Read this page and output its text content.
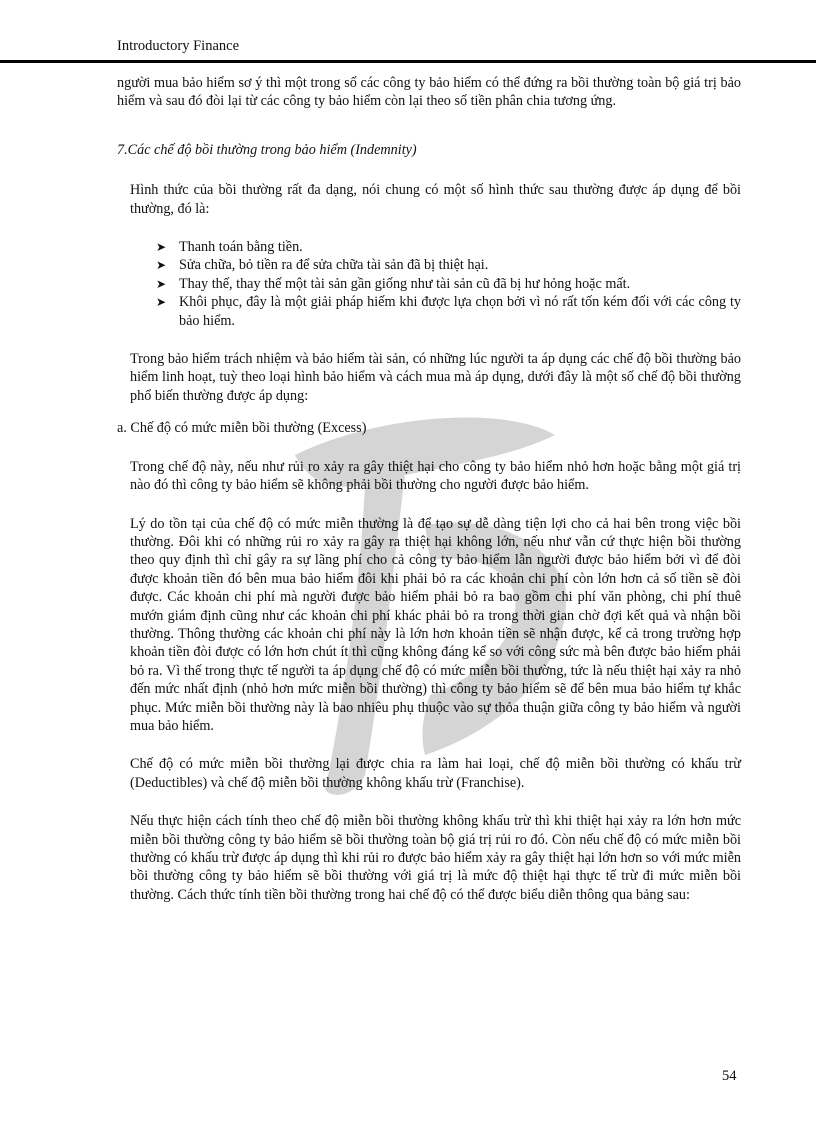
Introductory Finance

người mua bảo hiểm sơ ý thì một trong số các công ty bảo hiểm có thể đứng ra bồi thường toàn bộ giá trị bảo hiểm và sau đó đòi lại từ các công ty bảo hiểm còn lại theo số tiền phân chia tương ứng.

7.Các chế độ bồi thường trong bảo hiểm (Indemnity)

Hình thức của bồi thường rất đa dạng, nói chung có một số hình thức sau thường được áp dụng để bồi thường, đó là:

➤ Thanh toán bằng tiền.
➤ Sửa chữa, bỏ tiền ra để sửa chữa tài sản đã bị thiệt hại.
➤ Thay thế, thay thế một tài sản gần giống như tài sản cũ đã bị hư hỏng hoặc mất.
➤ Khôi phục, đây là một giải pháp hiếm khi được lựa chọn bởi vì nó rất tốn kém đối với các công ty bảo hiểm.

Trong bảo hiểm trách nhiệm và bảo hiểm tài sản, có những lúc người ta áp dụng các chế độ bồi thường bảo hiểm linh hoạt, tuỳ theo loại hình bảo hiểm và cách mua mà áp dụng, dưới đây là một số chế độ bồi thường phổ biến thường được áp dụng:

a. Chế độ có mức miễn bồi thường (Excess)

Trong chế độ này, nếu như rủi ro xảy ra gây thiệt hại cho công ty bảo hiểm nhỏ hơn hoặc bằng một giá trị nào đó thì công ty bảo hiểm sẽ không phải bồi thường cho người được bảo hiểm.

Lý do tồn tại của chế độ có mức miễn thường là để tạo sự dễ dàng tiện lợi cho cả hai bên trong việc bồi thường. Đôi khi có những rủi ro xảy ra gây ra thiệt hại không lớn, nếu như vẫn cứ thực hiện bồi thường theo quy định thì chỉ gây ra sự lãng phí cho cả công ty bảo hiểm lẫn người được bảo hiểm bởi vì để đòi được khoản tiền đó bên mua bảo hiểm đôi khi phải bỏ ra các khoản chi phí còn lớn hơn cả số tiền sẽ đòi được. Các khoản chi phí mà người được bảo hiểm phải bỏ ra bao gồm chi phí văn phòng, chi phí thuê mướn giám định cũng như các khoản chi phí khác phải bỏ ra trong thời gian chờ đợi kết quả và nhận bồi thường. Thông thường các khoản chi phí này là lớn hơn khoản tiền sẽ nhận được, kể cả trong trường hợp khoản tiền đòi được có lớn hơn chút ít thì cũng không đáng kể so với công sức mà bên được bảo hiểm phải bỏ ra. Vì thế trong thực tế người ta áp dụng chế độ có mức miễn bồi thường, tức là nếu thiệt hại xảy ra nhỏ đến mức nhất định (nhỏ hơn mức miễn bồi thường) thì công ty bảo hiểm sẽ để bên mua bảo hiểm tự khắc phục. Mức miễn bồi thường này là bao nhiêu phụ thuộc vào sự thỏa thuận giữa công ty bảo hiểm và người mua bảo hiểm.

Chế độ có mức miễn bồi thường lại được chia ra làm hai loại, chế độ miễn bồi thường có khấu trừ (Deductibles) và chế độ miễn bồi thường không khấu trừ (Franchise).

Nếu thực hiện cách tính theo chế độ miễn bồi thường không khấu trừ thì khi thiệt hại xảy ra lớn hơn mức miễn bồi thường công ty bảo hiểm sẽ bồi thường toàn bộ giá trị rủi ro đó. Còn nếu chế độ có mức miễn bồi thường có khấu trừ được áp dụng thì khi rủi ro được bảo hiểm xảy ra gây thiệt hại lớn hơn so với mức miễn bồi thường công ty bảo hiểm sẽ bồi thường với giá trị là mức độ thiệt hại thực tế trừ đi mức miễn bồi thường. Cách thức tính tiền bồi thường trong hai chế độ có thể được biểu diễn thông qua bảng sau:

54
